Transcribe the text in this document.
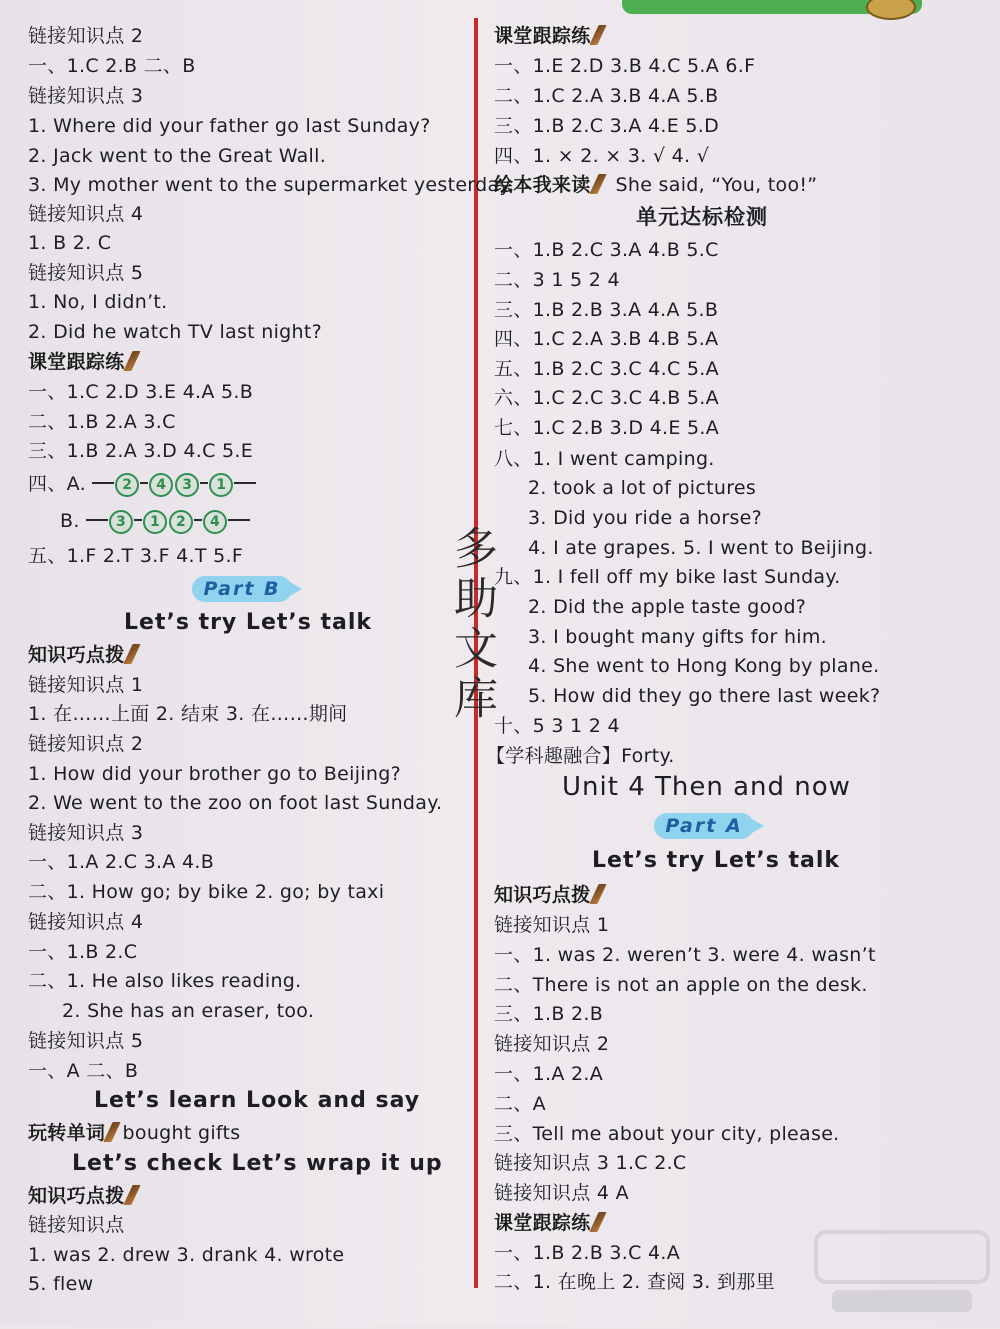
链接知识点 2
一、1.C 2.B 二、B
链接知识点 3
1. Where did your father go last Sunday?
2. Jack went to the Great Wall.
3. My mother went to the supermarket yesterday.
链接知识点 4
1. B 2. C
链接知识点 5
1. No, I didn’t.
2. Did he watch TV last night?
课堂跟踪练
一、1.C 2.D 3.E 4.A 5.B
二、1.B 2.A 3.C
三、1.B 2.A 3.D 4.C 5.E
四、A.	2 4 3 1
B.	3 1 2 4
五、1.F 2.T 3.F 4.T 5.F
Part B
Let’s try Let’s talk
知识巧点拨
链接知识点 1
1. 在……上面 2. 结束 3. 在……期间
链接知识点 2
1. How did your brother go to Beijing?
2. We went to the zoo on foot last Sunday.
链接知识点 3
一、1.A 2.C 3.A 4.B
二、1. How go; by bike 2. go; by taxi
链接知识点 4
一、1.B 2.C
二、1. He also likes reading.
2. She has an eraser, too.
链接知识点 5
一、A 二、B
Let’s learn Look and say
玩转单词 bought gifts
Let’s check Let’s wrap it up
知识巧点拨
链接知识点
1. was 2. drew 3. drank 4. wrote
5. flew
多助文库
课堂跟踪练
一、1.E 2.D 3.B 4.C 5.A 6.F
二、1.C 2.A 3.B 4.A 5.B
三、1.B 2.C 3.A 4.E 5.D
四、1. × 2. × 3. √ 4. √
绘本我来读 She said, “You, too!”
单元达标检测
一、1.B 2.C 3.A 4.B 5.C
二、3 1 5 2 4
三、1.B 2.B 3.A 4.A 5.B
四、1.C 2.A 3.B 4.B 5.A
五、1.B 2.C 3.C 4.C 5.A
六、1.C 2.C 3.C 4.B 5.A
七、1.C 2.B 3.D 4.E 5.A
八、1. I went camping.
2. took a lot of pictures
3. Did you ride a horse?
4. I ate grapes. 5. I went to Beijing.
九、1. I fell off my bike last Sunday.
2. Did the apple taste good?
3. I bought many gifts for him.
4. She went to Hong Kong by plane.
5. How did they go there last week?
十、5 3 1 2 4
【学科趣融合】Forty.
Unit 4 Then and now
Part A
Let’s try Let’s talk
知识巧点拨
链接知识点 1
一、1. was 2. weren’t 3. were 4. wasn’t
二、There is not an apple on the desk.
三、1.B 2.B
链接知识点 2
一、1.A 2.A
二、A
三、Tell me about your city, please.
链接知识点 3 1.C 2.C
链接知识点 4 A
课堂跟踪练
一、1.B 2.B 3.C 4.A
二、1. 在晚上 2. 查阅 3. 到那里
